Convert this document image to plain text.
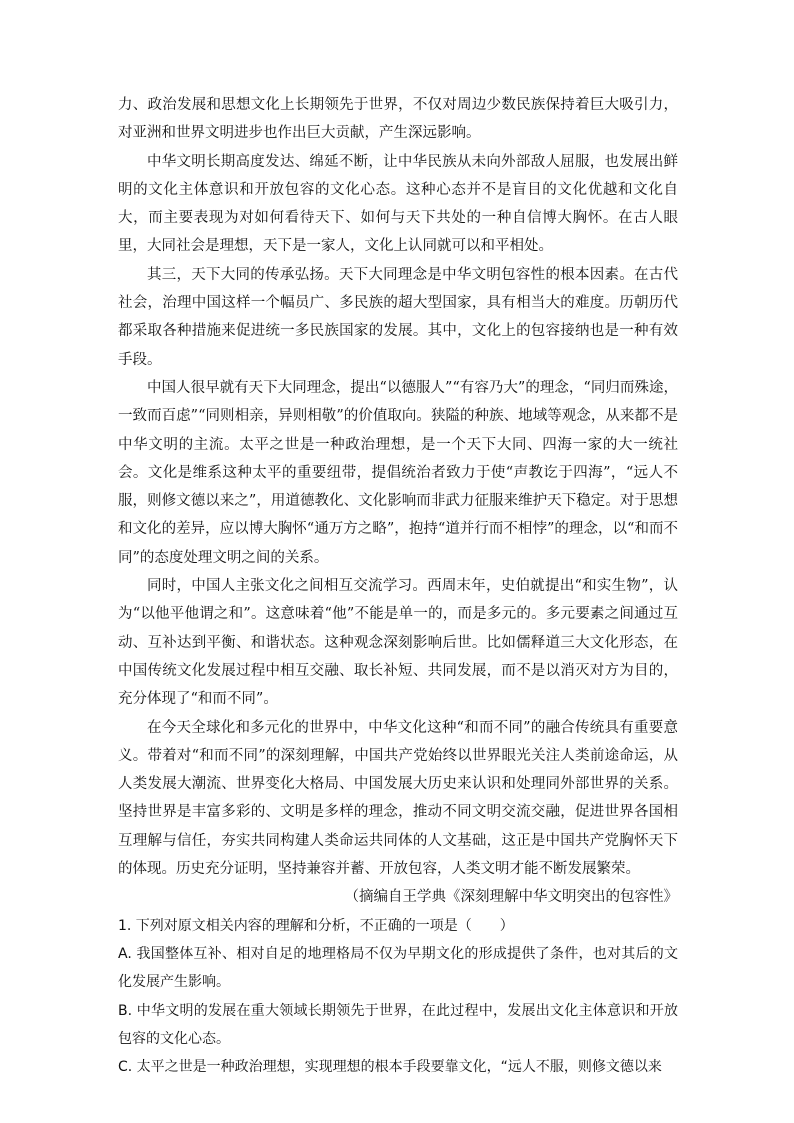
力、政治发展和思想文化上长期领先于世界，不仅对周边少数民族保持着巨大吸引力，对亚洲和世界文明进步也作出巨大贡献，产生深远影响。

中华文明长期高度发达、绵延不断，让中华民族从未向外部敌人屈服，也发展出鲜明的文化主体意识和开放包容的文化心态。这种心态并不是盲目的文化优越和文化自大，而主要表现为对如何看待天下、如何与天下共处的一种自信博大胸怀。在古人眼里，大同社会是理想，天下是一家人，文化上认同就可以和平相处。

其三，天下大同的传承弘扬。天下大同理念是中华文明包容性的根本因素。在古代社会，治理中国这样一个幅员广、多民族的超大型国家，具有相当大的难度。历朝历代都采取各种措施来促进统一多民族国家的发展。其中，文化上的包容接纳也是一种有效手段。

中国人很早就有天下大同理念，提出“以德服人”“有容乃大”的理念，“同归而殊途，一致而百虑”“同则相亲，异则相敬”的价值取向。狭隘的种族、地域等观念，从来都不是中华文明的主流。太平之世是一种政治理想，是一个天下大同、四海一家的大一统社会。文化是维系这种太平的重要纽带，提倡统治者致力于使“声教讫于四海”，“远人不服，则修文德以来之”，用道德教化、文化影响而非武力征服来维护天下稳定。对于思想和文化的差异，应以博大胸怀“通万方之略”，抱持“道并行而不相悖”的理念，以“和而不同”的态度处理文明之间的关系。

同时，中国人主张文化之间相互交流学习。西周末年，史伯就提出“和实生物”，认为“以他平他谓之和”。这意味着“他”不能是单一的，而是多元的。多元要素之间通过互动、互补达到平衡、和谐状态。这种观念深刻影响后世。比如儒释道三大文化形态，在中国传统文化发展过程中相互交融、取长补短、共同发展，而不是以消灭对方为目的，充分体现了“和而不同”。

在今天全球化和多元化的世界中，中华文化这种“和而不同”的融合传统具有重要意义。带着对“和而不同”的深刻理解，中国共产党始终以世界眼光关注人类前途命运，从人类发展大潮流、世界变化大格局、中国发展大历史来认识和处理同外部世界的关系。坚持世界是丰富多彩的、文明是多样的理念，推动不同文明交流交融，促进世界各国相互理解与信任，夯实共同构建人类命运共同体的人文基础，这正是中国共产党胸怀天下的体现。历史充分证明，坚持兼容并蓄、开放包容，人类文明才能不断发展繁荣。

（摘编自王学典《深刻理解中华文明突出的包容性》

1. 下列对原文相关内容的理解和分析，不正确的一项是（　　）

A. 我国整体互补、相对自足的地理格局不仅为早期文化的形成提供了条件，也对其后的文化发展产生影响。

B. 中华文明的发展在重大领域长期领先于世界，在此过程中，发展出文化主体意识和开放包容的文化心态。

C. 太平之世是一种政治理想，实现理想的根本手段要靠文化，“远人不服，则修文德以来
